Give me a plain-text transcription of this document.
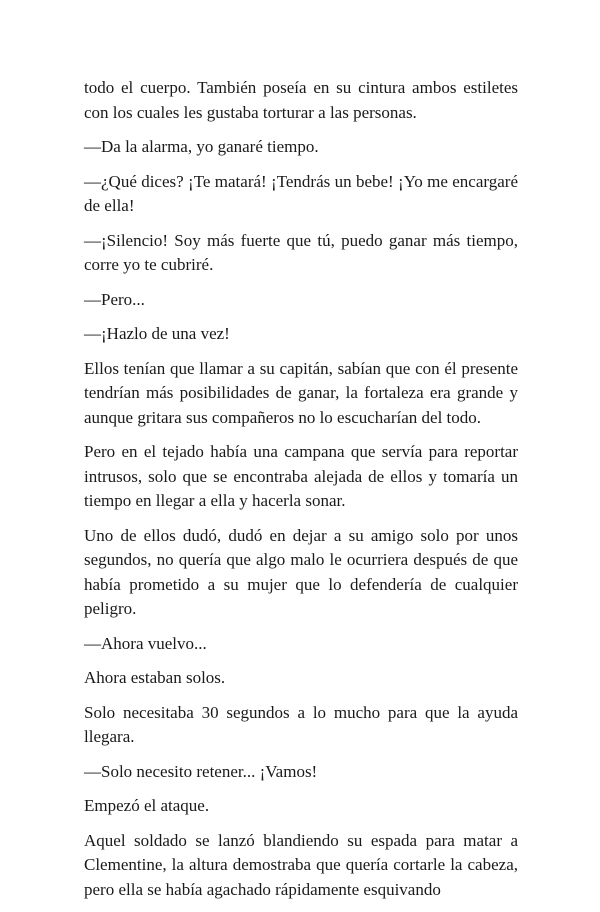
todo el cuerpo. También poseía en su cintura ambos estiletes con los cuales les gustaba torturar a las personas.

—Da la alarma, yo ganaré tiempo.

—¿Qué dices? ¡Te matará! ¡Tendrás un bebe! ¡Yo me encargaré de ella!

—¡Silencio! Soy más fuerte que tú, puedo ganar más tiempo, corre yo te cubriré.

—Pero...

—¡Hazlo de una vez!

Ellos tenían que llamar a su capitán, sabían que con él presente tendrían más posibilidades de ganar, la fortaleza era grande y aunque gritara sus compañeros no lo escucharían del todo.

Pero en el tejado había una campana que servía para reportar intrusos, solo que se encontraba alejada de ellos y tomaría un tiempo en llegar a ella y hacerla sonar.

Uno de ellos dudó, dudó en dejar a su amigo solo por unos segundos, no quería que algo malo le ocurriera después de que había prometido a su mujer que lo defendería de cualquier peligro.

—Ahora vuelvo...

Ahora estaban solos.

Solo necesitaba 30 segundos a lo mucho para que la ayuda llegara.

—Solo necesito retener... ¡Vamos!

Empezó el ataque.

Aquel soldado se lanzó blandiendo su espada para matar a Clementine, la altura demostraba que quería cortarle la cabeza, pero ella se había agachado rápidamente esquivando
